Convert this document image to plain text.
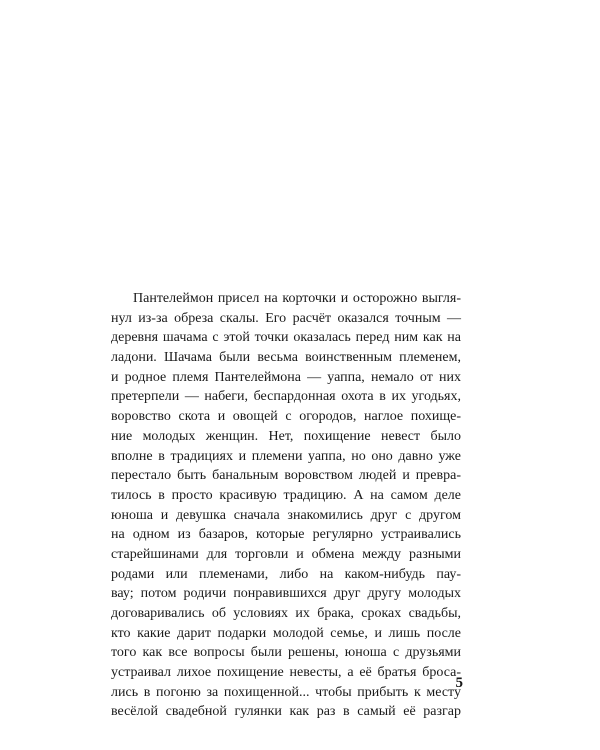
Пантелеймон присел на корточки и осторожно выгля-
нул из-за обреза скалы. Его расчёт оказался точным —
деревня шачама с этой точки оказалась перед ним как на
ладони. Шачама были весьма воинственным племенем,
и родное племя Пантелеймона — уаппа, немало от них
претерпели — набеги, беспардонная охота в их угодьях,
воровство скота и овощей с огородов, наглое похище-
ние молодых женщин. Нет, похищение невест было
вполне в традициях и племени уаппа, но оно давно уже
перестало быть банальным воровством людей и превра-
тилось в просто красивую традицию. А на самом деле
юноша и девушка сначала знакомились друг с другом
на одном из базаров, которые регулярно устраивались
старейшинами для торговли и обмена между разными
родами или племенами, либо на каком-нибудь пау-
вау; потом родичи понравившихся друг другу молодых
договаривались об условиях их брака, сроках свадьбы,
кто какие дарит подарки молодой семье, и лишь после
того как все вопросы были решены, юноша с друзьями
устраивал лихое похищение невесты, а её братья броса-
лись в погоню за похищенной... чтобы прибыть к месту
весёлой свадебной гулянки как раз в самый её разгар
5
